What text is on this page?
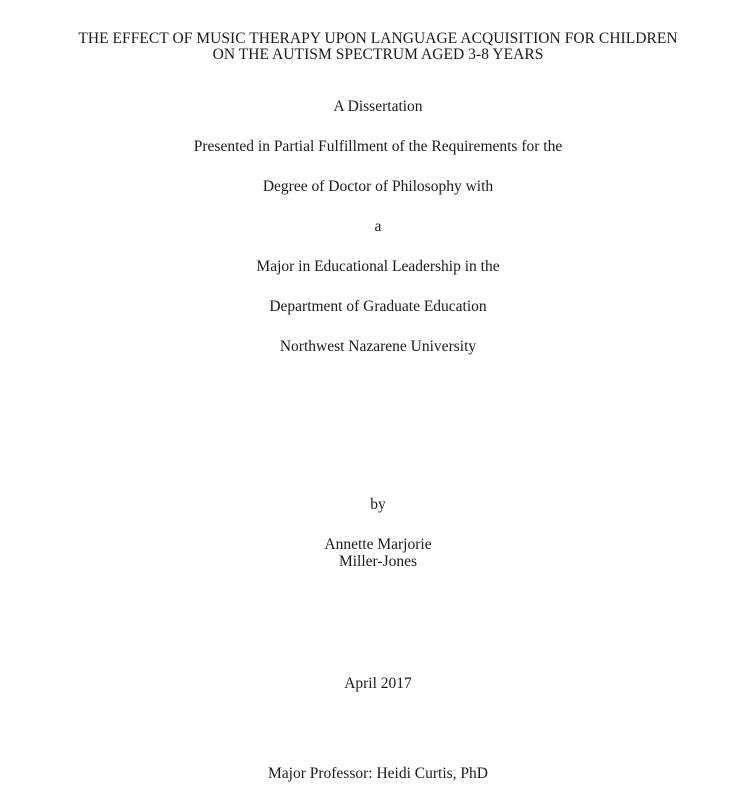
THE EFFECT OF MUSIC THERAPY UPON LANGUAGE ACQUISITION FOR CHILDREN
ON THE AUTISM SPECTRUM AGED 3-8 YEARS
A Dissertation
Presented in Partial Fulfillment of the Requirements for the
Degree of Doctor of Philosophy with
a
Major in Educational Leadership in the
Department of Graduate Education
Northwest Nazarene University
by
Annette Marjorie
Miller-Jones
April 2017
Major Professor: Heidi Curtis, PhD
